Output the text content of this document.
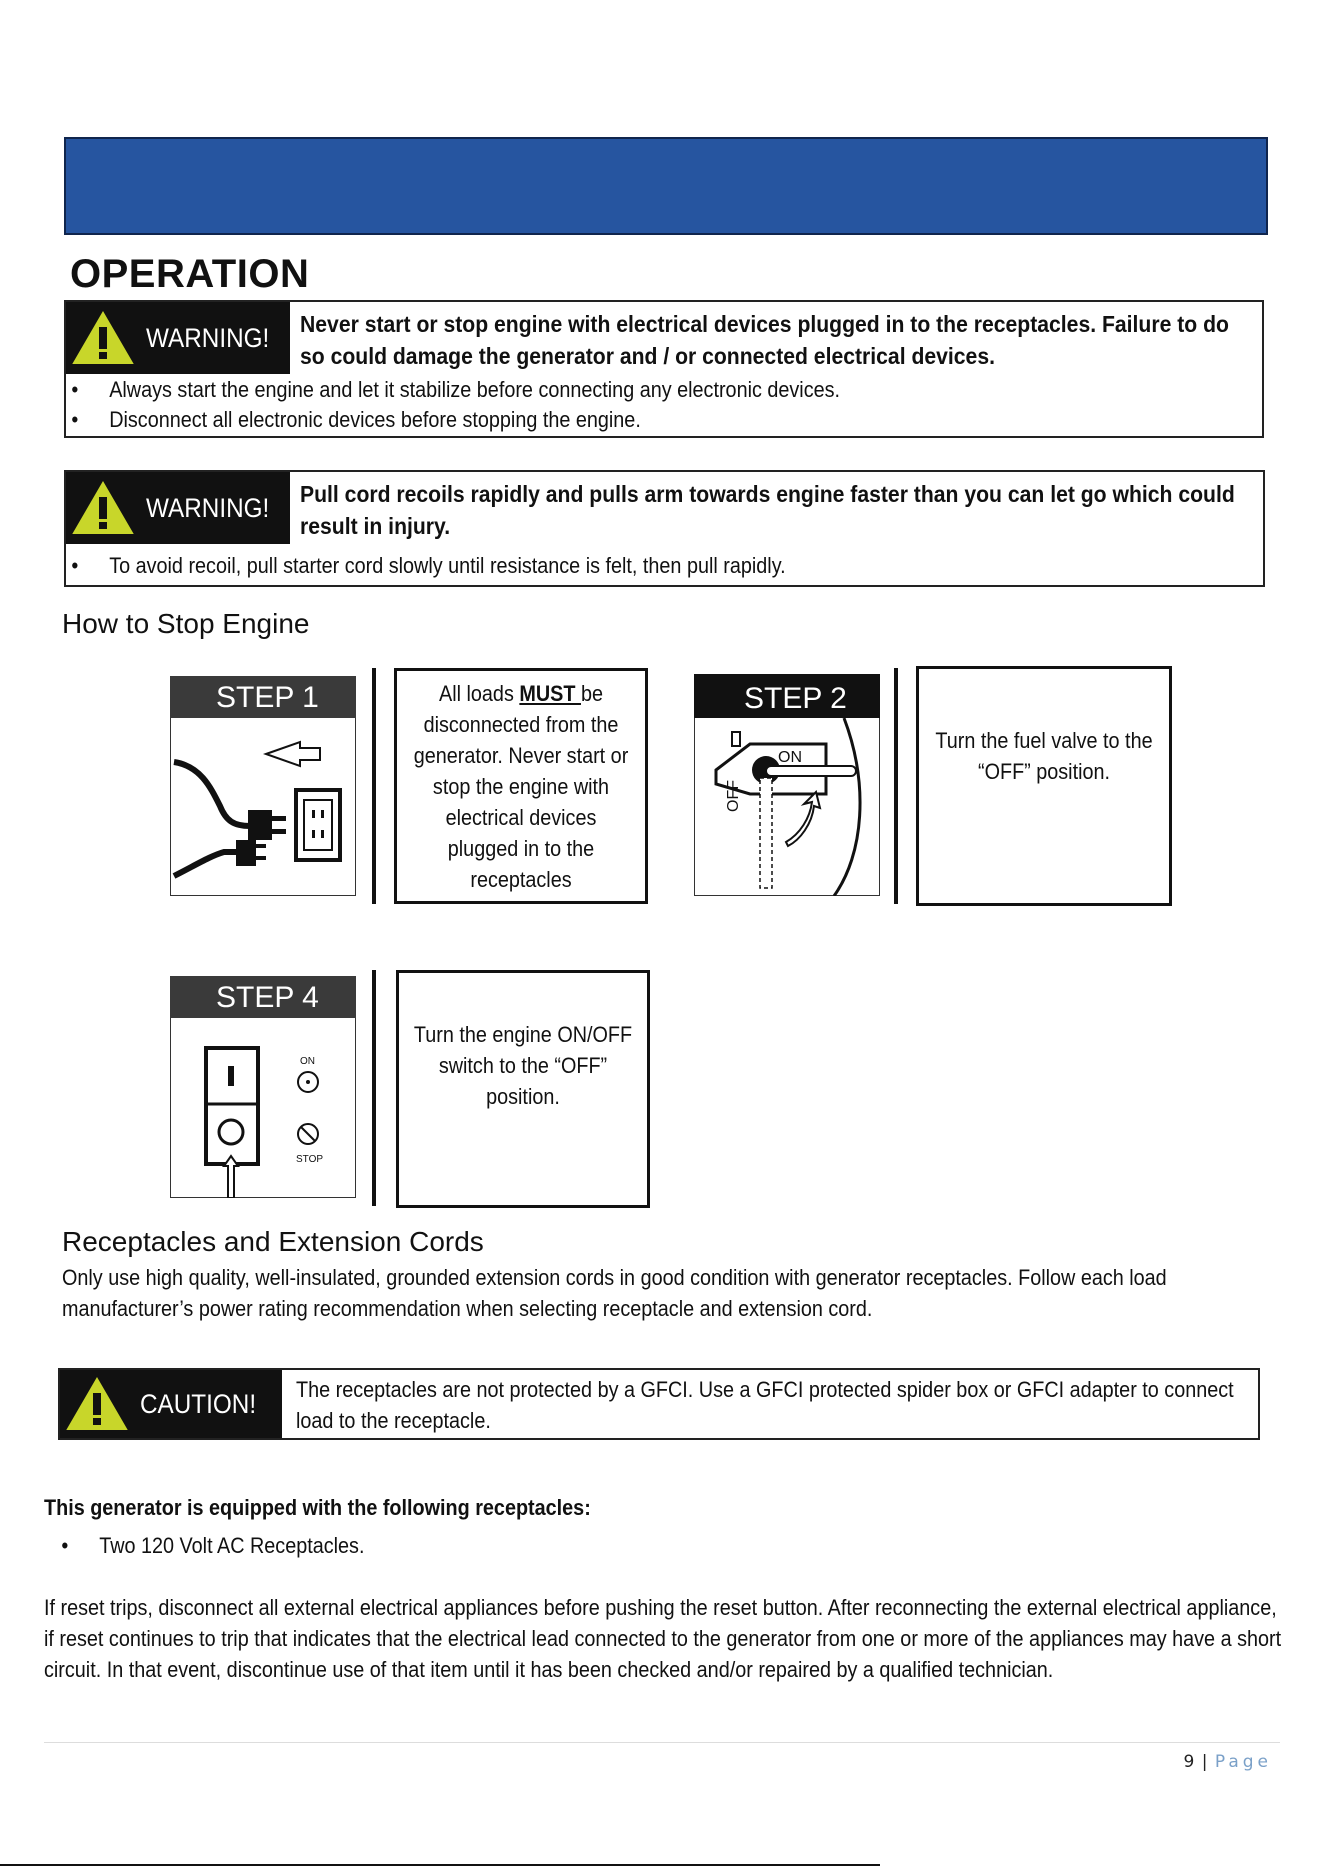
OPERATION
WARNING! Never start or stop engine with electrical devices plugged in to the receptacles. Failure to do so could damage the generator and / or connected electrical devices.
• Always start the engine and let it stabilize before connecting any electronic devices.
• Disconnect all electronic devices before stopping the engine.
WARNING! Pull cord recoils rapidly and pulls arm towards engine faster than you can let go which could result in injury.
• To avoid recoil, pull starter cord slowly until resistance is felt, then pull rapidly.
How to Stop Engine
STEP 1	All loads MUST be disconnected from the generator. Never start or stop the engine with electrical devices plugged in to the receptacles
STEP 2
ON
OFF
Turn the fuel valve to the “OFF” position.
STEP 4
ON
STOP
Turn the engine ON/OFF switch to the “OFF” position.
Receptacles and Extension Cords
Only use high quality, well-insulated, grounded extension cords in good condition with generator receptacles. Follow each load manufacturer’s power rating recommendation when selecting receptacle and extension cord.
CAUTION! The receptacles are not protected by a GFCI. Use a GFCI protected spider box or GFCI adapter to connect load to the receptacle.
This generator is equipped with the following receptacles:
• Two 120 Volt AC Receptacles.
If reset trips, disconnect all external electrical appliances before pushing the reset button. After reconnecting the external electrical appliance, if reset continues to trip that indicates that the electrical lead connected to the generator from one or more of the appliances may have a short circuit. In that event, discontinue use of that item until it has been checked and/or repaired by a qualified technician.
9 | Page
